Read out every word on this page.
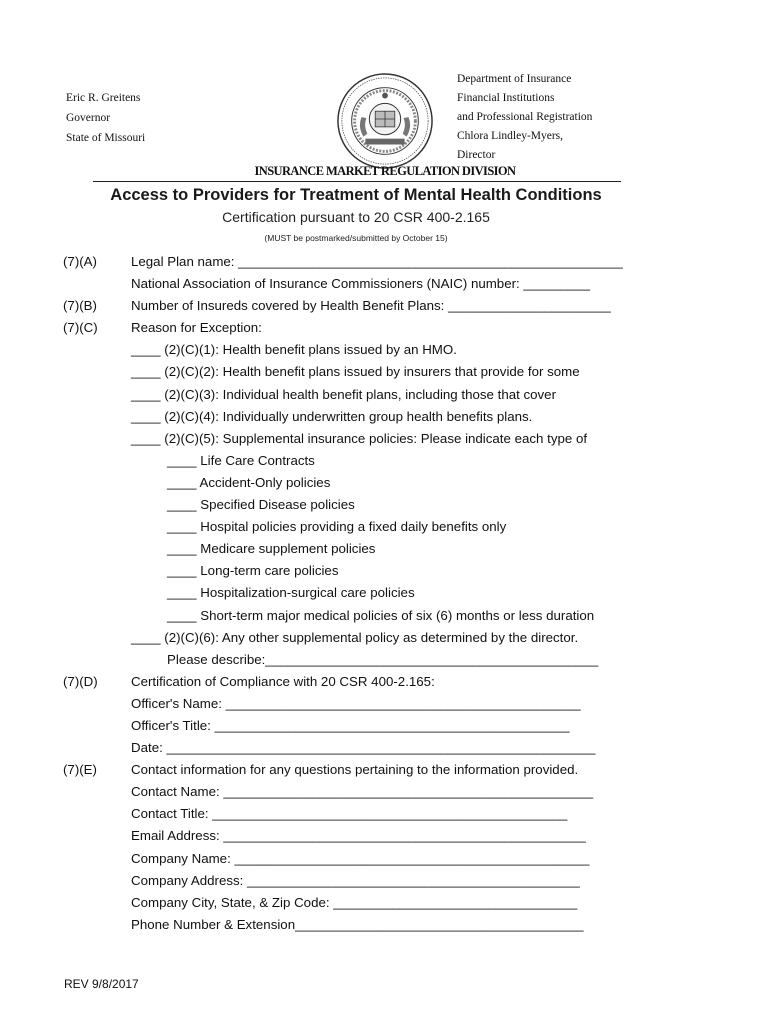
Eric R. Greitens
Governor
State of Missouri
Department of Insurance
Financial Institutions
and Professional Registration
Chlora Lindley-Myers,
Director
INSURANCE MARKET REGULATION DIVISION
Access to Providers for Treatment of Mental Health Conditions
Certification pursuant to 20 CSR 400-2.165
(MUST be postmarked/submitted by October 15)
(7)(A)	Legal Plan name: ____________________________________________________
National Association of Insurance Commissioners (NAIC) number: _________
(7)(B)	Number of Insureds covered by Health Benefit Plans: ______________________
(7)(C)	Reason for Exception:
____ (2)(C)(1): Health benefit plans issued by an HMO.
____ (2)(C)(2): Health benefit plans issued by insurers that provide for some
____ (2)(C)(3): Individual health benefit plans, including those that cover
____ (2)(C)(4): Individually underwritten group health benefits plans.
____ (2)(C)(5): Supplemental insurance policies: Please indicate each type of
____ Life Care Contracts
____ Accident-Only policies
____ Specified Disease policies
____ Hospital policies providing a fixed daily benefits only
____ Medicare supplement policies
____ Long-term care policies
____ Hospitalization-surgical care policies
____ Short-term major medical policies of six (6) months or less duration
____ (2)(C)(6): Any other supplemental policy as determined by the director.
Please describe:_____________________________________________
(7)(D)	Certification of Compliance with 20 CSR 400-2.165:
Officer's Name: ________________________________________________
Officer's Title: ________________________________________________
Date: __________________________________________________________
(7)(E)	Contact information for any questions pertaining to the information provided.
Contact Name: __________________________________________________
Contact Title: ________________________________________________
Email Address: _________________________________________________
Company Name: ________________________________________________
Company Address: _____________________________________________
Company City, State, & Zip Code: _________________________________
Phone Number & Extension_______________________________________
REV 9/8/2017
